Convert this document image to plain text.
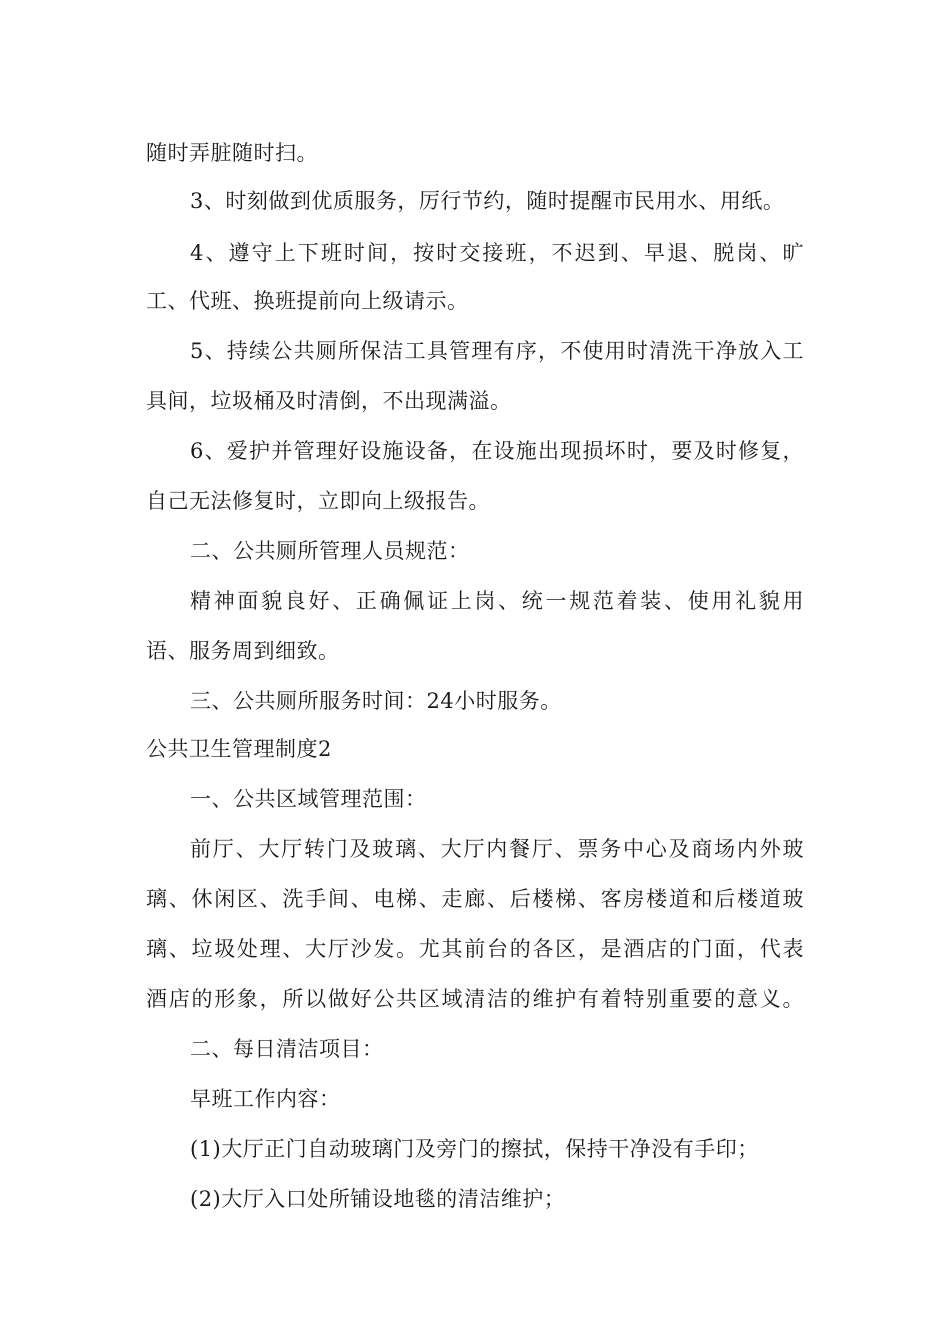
随时弄脏随时扫。
3、时刻做到优质服务，厉行节约，随时提醒市民用水、用纸。
4、遵守上下班时间，按时交接班，不迟到、早退、脱岗、旷
工、代班、换班提前向上级请示。
5、持续公共厕所保洁工具管理有序，不使用时清洗干净放入工
具间，垃圾桶及时清倒，不出现满溢。
6、爱护并管理好设施设备，在设施出现损坏时，要及时修复，
自己无法修复时，立即向上级报告。
二、公共厕所管理人员规范：
精神面貌良好、正确佩证上岗、统一规范着装、使用礼貌用
语、服务周到细致。
三、公共厕所服务时间：24小时服务。
公共卫生管理制度2
一、公共区域管理范围：
前厅、大厅转门及玻璃、大厅内餐厅、票务中心及商场内外玻
璃、休闲区、洗手间、电梯、走廊、后楼梯、客房楼道和后楼道玻
璃、垃圾处理、大厅沙发。尤其前台的各区，是酒店的门面，代表
酒店的形象，所以做好公共区域清洁的维护有着特别重要的意义。
二、每日清洁项目：
早班工作内容：
(1)大厅正门自动玻璃门及旁门的擦拭，保持干净没有手印；
(2)大厅入口处所铺设地毯的清洁维护；
